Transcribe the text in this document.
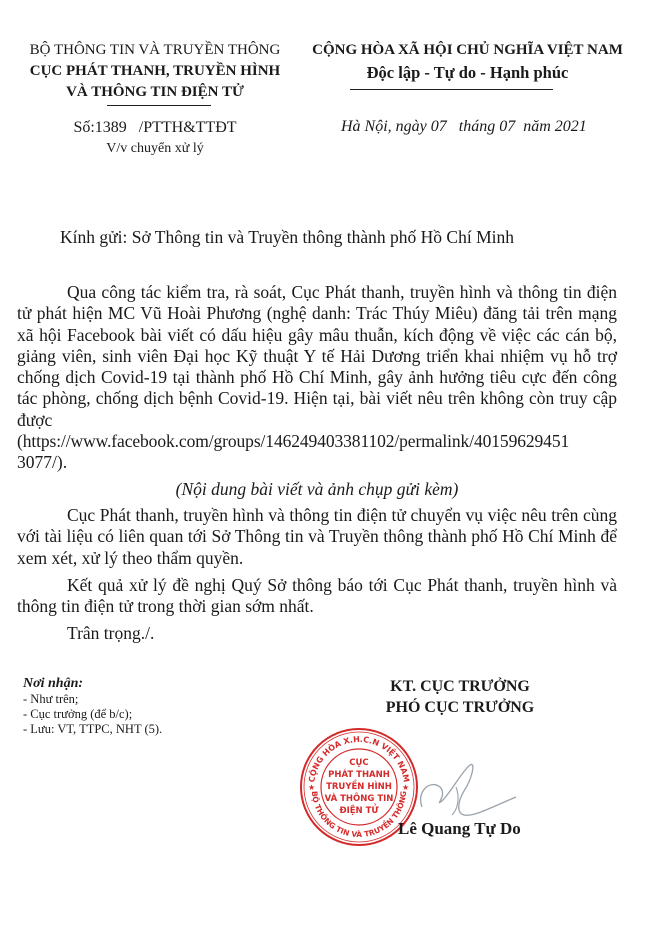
BỘ THÔNG TIN VÀ TRUYỀN THÔNG
CỤC PHÁT THANH, TRUYỀN HÌNH
VÀ THÔNG TIN ĐIỆN TỬ
Số:1389   /PTTH&TTĐT
V/v chuyển xử lý
CỘNG HÒA XÃ HỘI CHỦ NGHĨA VIỆT NAM
Độc lập - Tự do - Hạnh phúc
Hà Nội, ngày 07   tháng 07  năm 2021
Kính gửi: Sở Thông tin và Truyền thông thành phố Hồ Chí Minh

Qua công tác kiểm tra, rà soát, Cục Phát thanh, truyền hình và thông tin điện tử phát hiện MC Vũ Hoài Phương (nghệ danh: Trác Thúy Miêu) đăng tải trên mạng xã hội Facebook bài viết có dấu hiệu gây mâu thuẫn, kích động về việc các cán bộ, giảng viên, sinh viên Đại học Kỹ thuật Y tế Hải Dương triển khai nhiệm vụ hỗ trợ chống dịch Covid-19 tại thành phố Hồ Chí Minh, gây ảnh hưởng tiêu cực đến công tác phòng, chống dịch bệnh Covid-19. Hiện tại, bài viết nêu trên không còn truy cập được

(https://www.facebook.com/groups/146249403381102/permalink/40159629451
3077/).
(Nội dung bài viết và ảnh chụp gửi kèm)

Cục Phát thanh, truyền hình và thông tin điện tử chuyển vụ việc nêu trên cùng với tài liệu có liên quan tới Sở Thông tin và Truyền thông thành phố Hồ Chí Minh để xem xét, xử lý theo thẩm quyền.

Kết quả xử lý đề nghị Quý Sở thông báo tới Cục Phát thanh, truyền hình và thông tin điện tử trong thời gian sớm nhất.

Trân trọng./.

Nơi nhận:
- Như trên;
- Cục trưởng (để b/c);
- Lưu: VT, TTPC, NHT (5).
KT. CỤC TRƯỞNG
PHÓ CỤC TRƯỞNG
CỘNG HÒA X.H.C.N VIỆT NAM
BỘ THÔNG TIN VÀ TRUYỀN THÔNG
★	★
CỤC
PHÁT THANH
TRUYỀN HÌNH
VÀ THÔNG TIN
ĐIỆN TỬ
Lê Quang Tự Do
